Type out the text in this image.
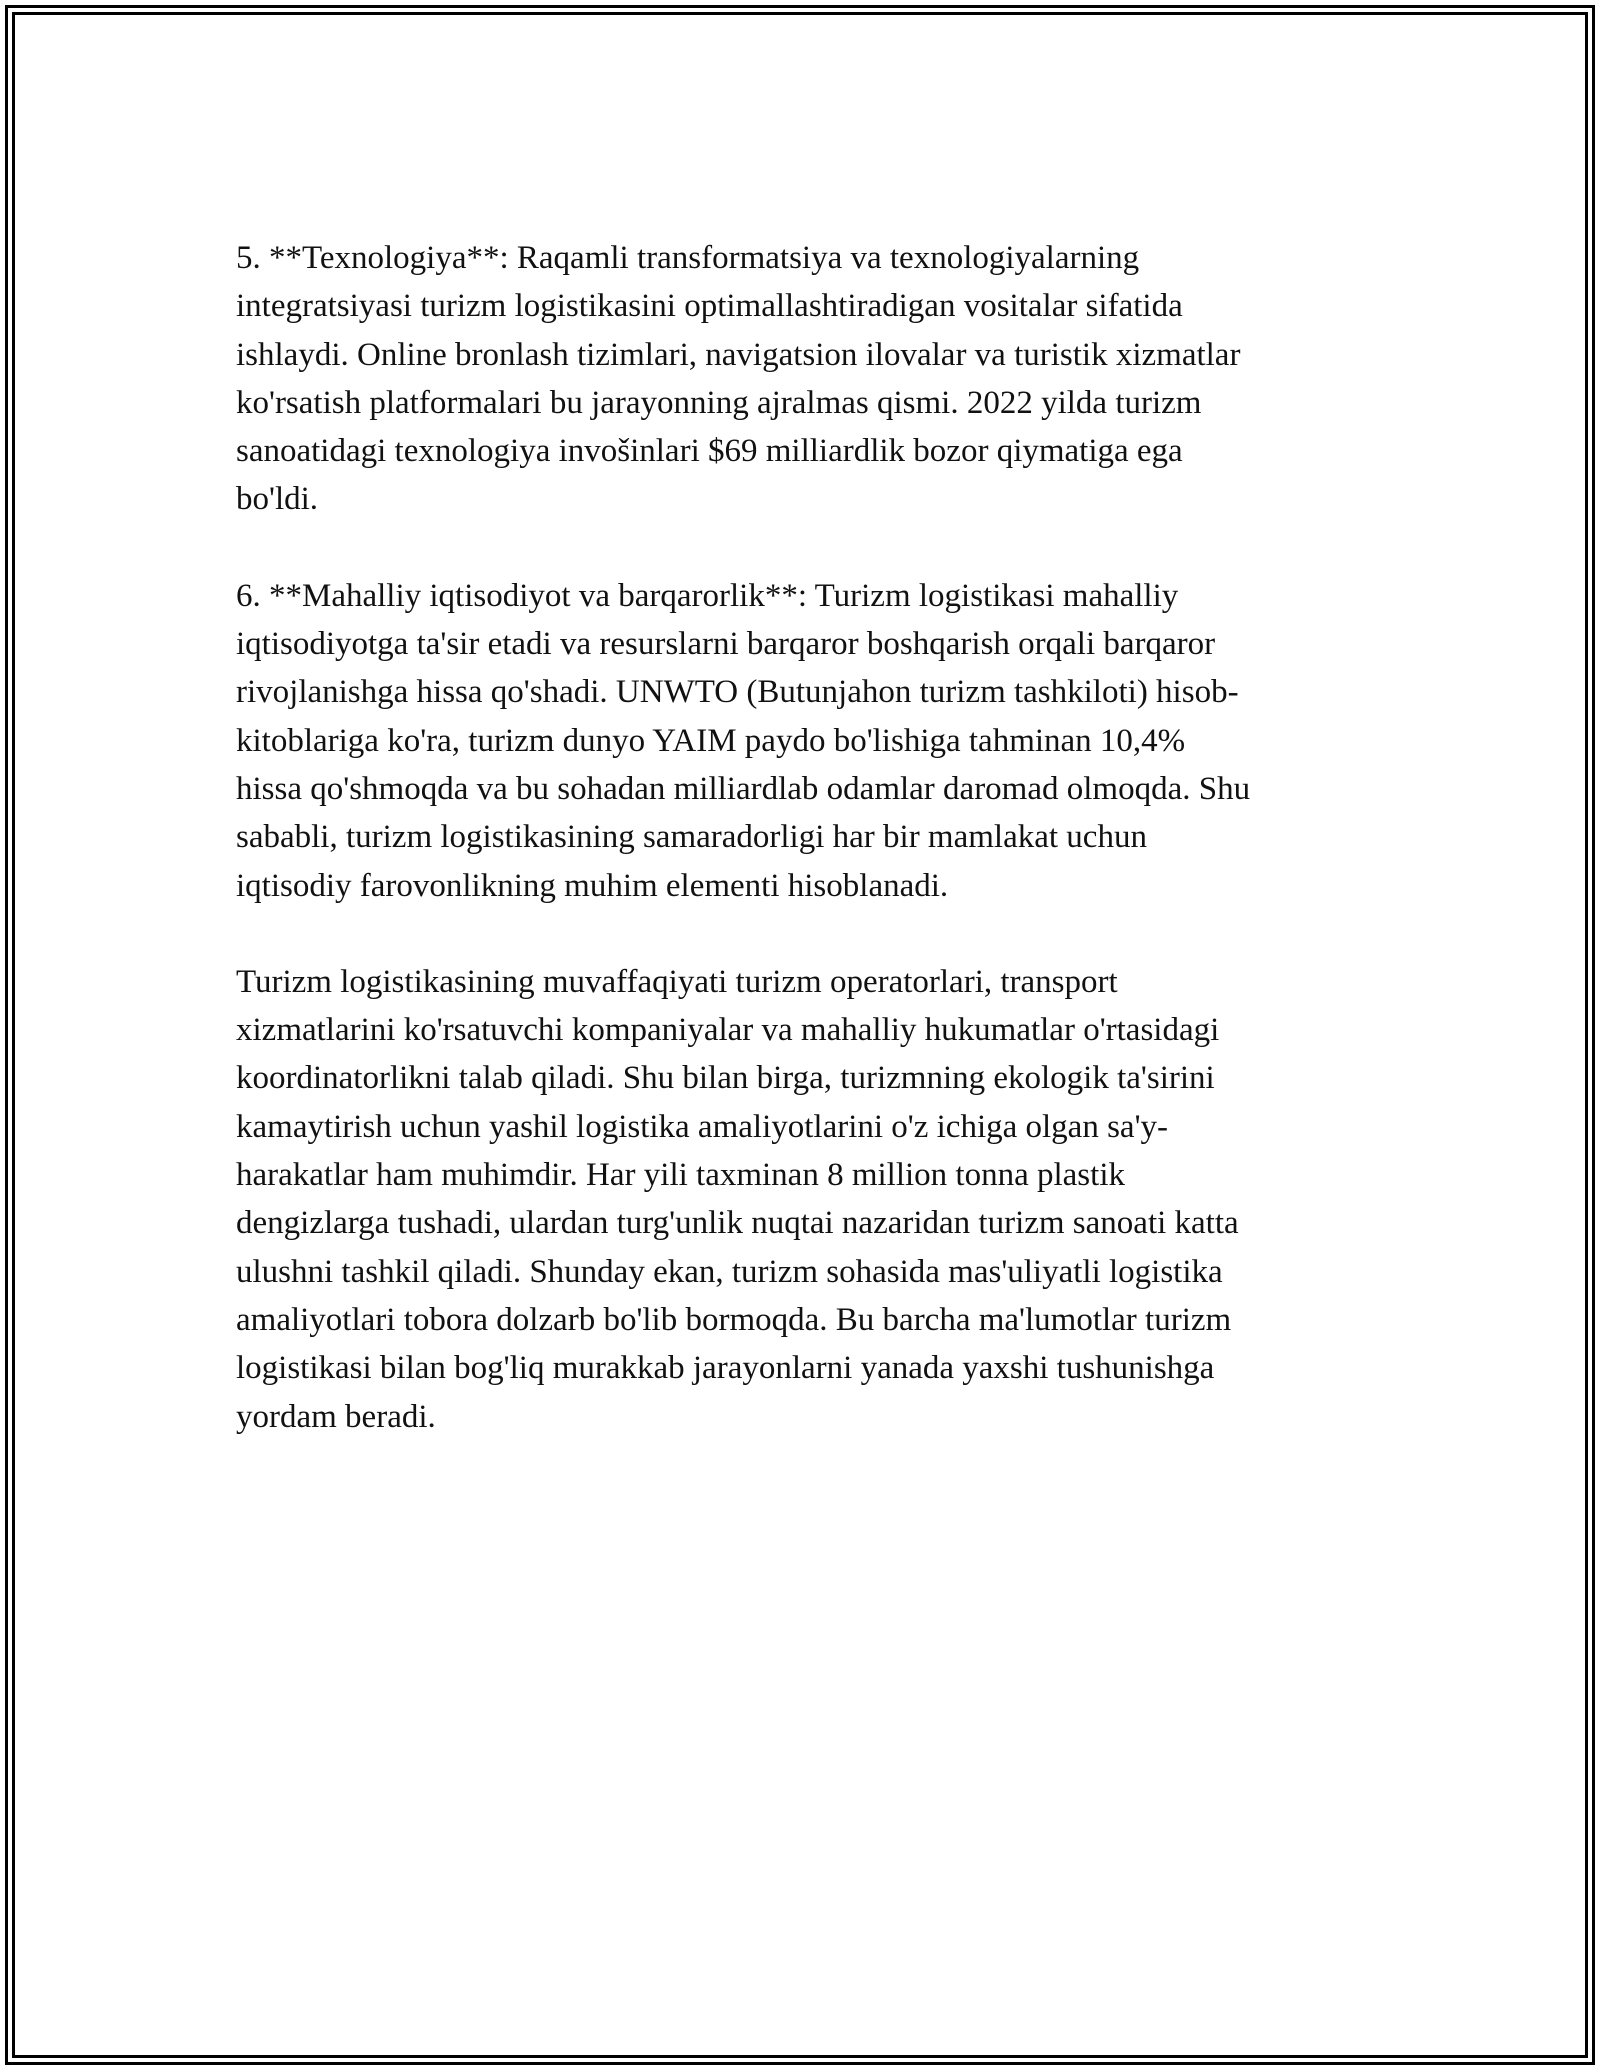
5. **Texnologiya**: Raqamli transformatsiya va texnologiyalarning
integratsiyasi turizm logistikasini optimallashtiradigan vositalar sifatida
ishlaydi. Online bronlash tizimlari, navigatsion ilovalar va turistik xizmatlar
ko'rsatish platformalari bu jarayonning ajralmas qismi. 2022 yilda turizm
sanoatidagi texnologiya invošinlari $69 milliardlik bozor qiymatiga ega
bo'ldi.

6. **Mahalliy iqtisodiyot va barqarorlik**: Turizm logistikasi mahalliy
iqtisodiyotga ta'sir etadi va resurslarni barqaror boshqarish orqali barqaror
rivojlanishga hissa qo'shadi. UNWTO (Butunjahon turizm tashkiloti) hisob-
kitoblariga ko'ra, turizm dunyo YAIM paydo bo'lishiga tahminan 10,4%
hissa qo'shmoqda va bu sohadan milliardlab odamlar daromad olmoqda. Shu
sababli, turizm logistikasining samaradorligi har bir mamlakat uchun
iqtisodiy farovonlikning muhim elementi hisoblanadi.

Turizm logistikasining muvaffaqiyati turizm operatorlari, transport
xizmatlarini ko'rsatuvchi kompaniyalar va mahalliy hukumatlar o'rtasidagi
koordinatorlikni talab qiladi. Shu bilan birga, turizmning ekologik ta'sirini
kamaytirish uchun yashil logistika amaliyotlarini o'z ichiga olgan sa'y-
harakatlar ham muhimdir. Har yili taxminan 8 million tonna plastik
dengizlarga tushadi, ulardan turg'unlik nuqtai nazaridan turizm sanoati katta
ulushni tashkil qiladi. Shunday ekan, turizm sohasida mas'uliyatli logistika
amaliyotlari tobora dolzarb bo'lib bormoqda. Bu barcha ma'lumotlar turizm
logistikasi bilan bog'liq murakkab jarayonlarni yanada yaxshi tushunishga
yordam beradi.
